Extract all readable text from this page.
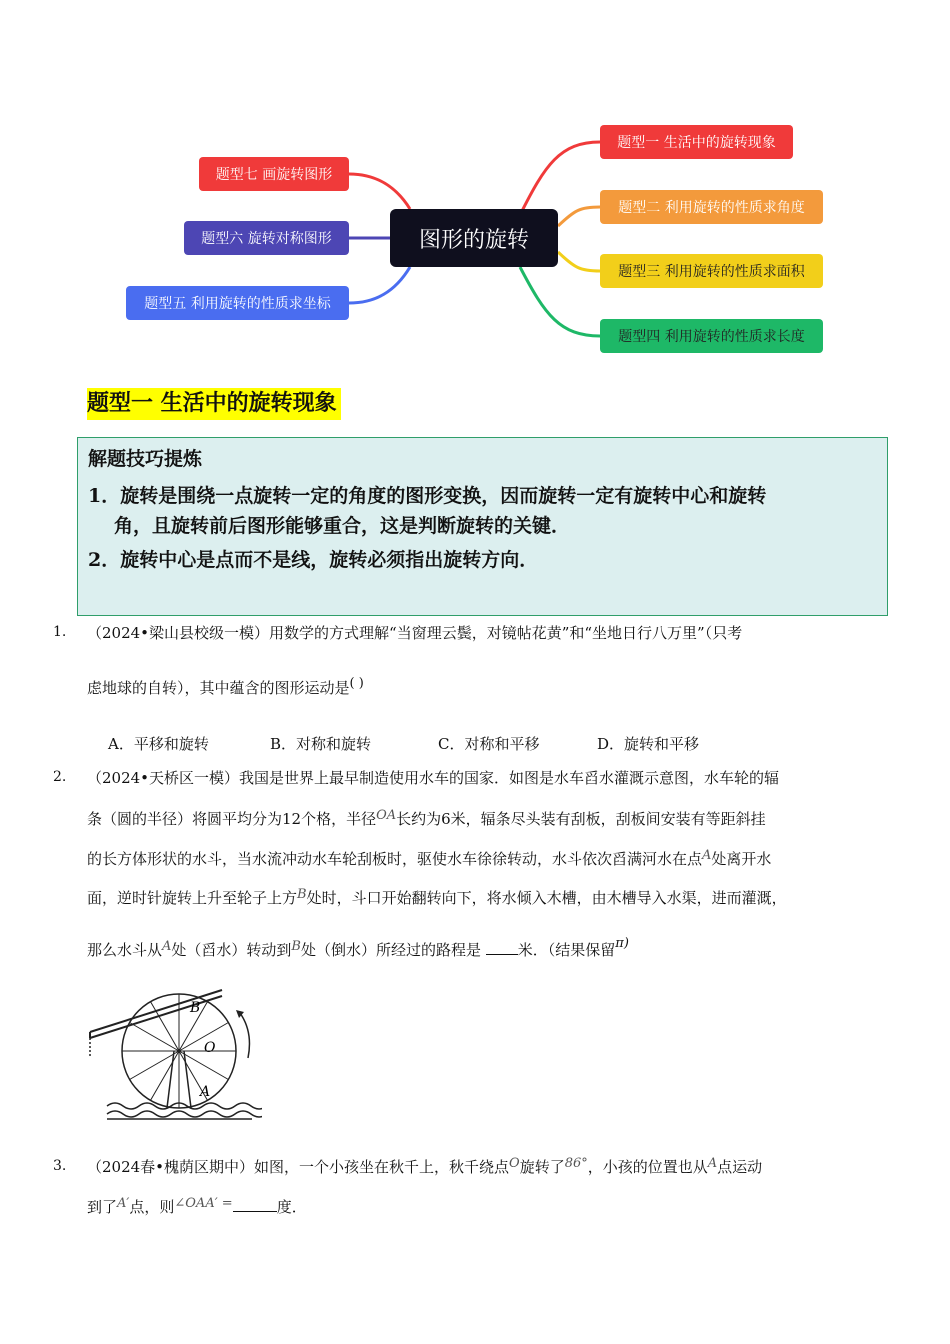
题型一 生活中的旋转现象
题型二 利用旋转的性质求角度
题型三 利用旋转的性质求面积
题型四 利用旋转的性质求长度
题型七 画旋转图形
题型六 旋转对称图形
题型五 利用旋转的性质求坐标
图形的旋转
题型一 生活中的旋转现象
解题技巧提炼
1．旋转是围绕一点旋转一定的角度的图形变换，因而旋转一定有旋转中心和旋转
角，且旋转前后图形能够重合，这是判断旋转的关键．
2．旋转中心是点而不是线，旋转必须指出旋转方向．
1. （2024•梁山县校级一模）用数学的方式理解“当窗理云鬓，对镜帖花黄”和“坐地日行八万里”（只考
虑地球的自转），其中蕴含的图形运动是( )
A．平移和旋转	B．对称和旋转	C．对称和平移	D．旋转和平移
2. （2024•天桥区一模）我国是世界上最早制造使用水车的国家．如图是水车舀水灌溉示意图，水车轮的辐
条（圆的半径）将圆平均分为12个格，半径OA长约为6米，辐条尽头装有刮板，刮板间安装有等距斜挂
的长方体形状的水斗，当水流冲动水车轮刮板时，驱使水车徐徐转动，水斗依次舀满河水在点A处离开水
面，逆时针旋转上升至轮子上方B处时，斗口开始翻转向下，将水倾入木槽，由木槽导入水渠，进而灌溉，
那么水斗从A处（舀水）转动到B处（倒水）所经过的路程是 米．（结果保留π)
B
O
A
3. （2024春•槐荫区期中）如图，一个小孩坐在秋千上，秋千绕点O旋转了86°，小孩的位置也从A点运动
到了A′点，则∠OAA′ =	度．
